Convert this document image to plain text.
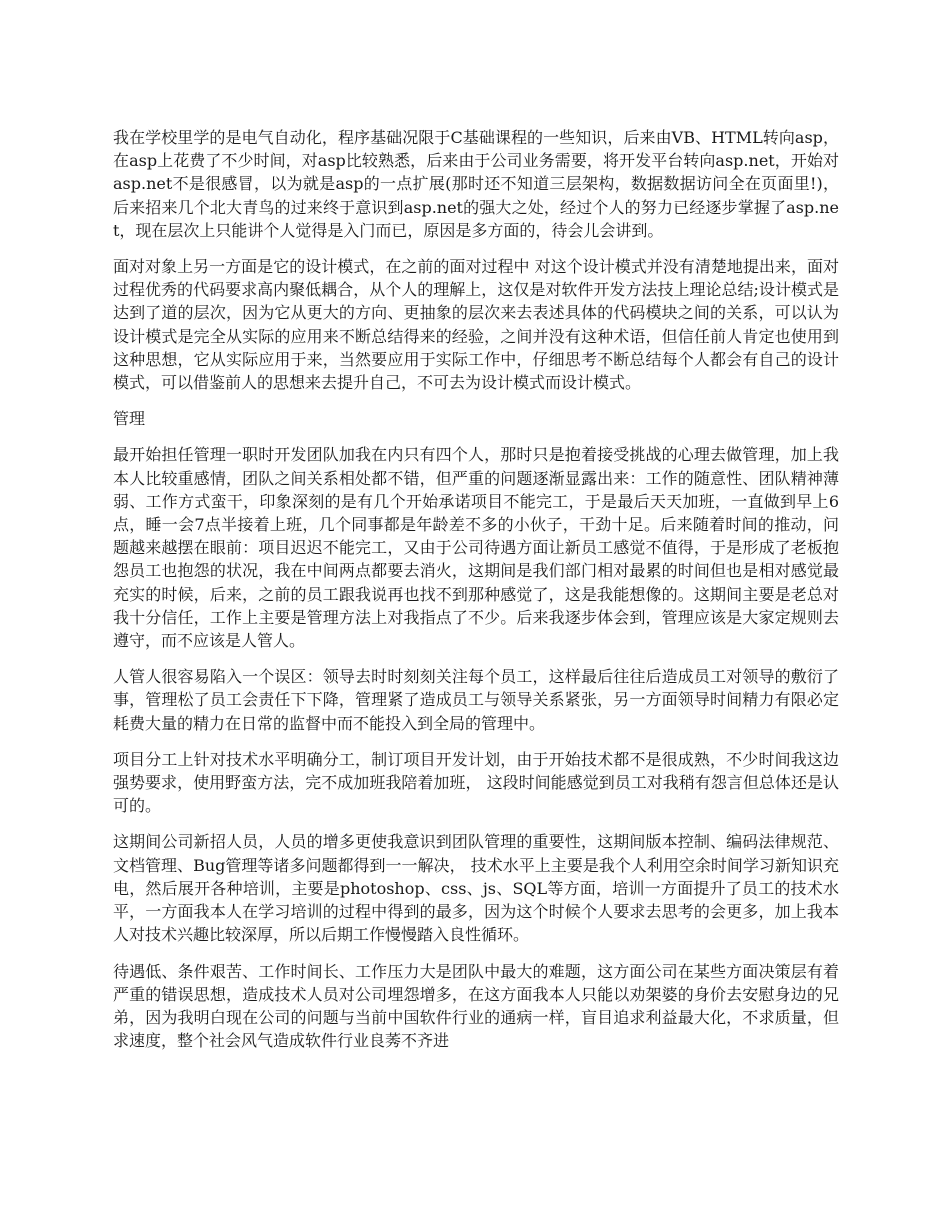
我在学校里学的是电气自动化，程序基础况限于C基础课程的一些知识，后来由VB、HTML转向asp，在asp上花费了不少时间，对asp比较熟悉，后来由于公司业务需要，将开发平台转向asp.net，开始对asp.net不是很感冒，以为就是asp的一点扩展(那时还不知道三层架构，数据数据访问全在页面里!)，后来招来几个北大青鸟的过来终于意识到asp.net的强大之处，经过个人的努力已经逐步掌握了asp.net，现在层次上只能讲个人觉得是入门而已，原因是多方面的，待会儿会讲到。

面对对象上另一方面是它的设计模式，在之前的面对过程中 对这个设计模式并没有清楚地提出来，面对过程优秀的代码要求高内聚低耦合，从个人的理解上，这仅是对软件开发方法技上理论总结;设计模式是达到了道的层次，因为它从更大的方向、更抽象的层次来去表述具体的代码模块之间的关系，可以认为设计模式是完全从实际的应用来不断总结得来的经验，之间并没有这种术语，但信任前人肯定也使用到这种思想，它从实际应用于来，当然要应用于实际工作中，仔细思考不断总结每个人都会有自己的设计模式，可以借鉴前人的思想来去提升自己，不可去为设计模式而设计模式。

管理

最开始担任管理一职时开发团队加我在内只有四个人，那时只是抱着接受挑战的心理去做管理，加上我本人比较重感情，团队之间关系相处都不错，但严重的问题逐渐显露出来：工作的随意性、团队精神薄弱、工作方式蛮干，印象深刻的是有几个开始承诺项目不能完工，于是最后天天加班，一直做到早上6点，睡一会7点半接着上班，几个同事都是年龄差不多的小伙子，干劲十足。后来随着时间的推动，问题越来越摆在眼前：项目迟迟不能完工，又由于公司待遇方面让新员工感觉不值得，于是形成了老板抱怨员工也抱怨的状况，我在中间两点都要去消火，这期间是我们部门相对最累的时间但也是相对感觉最充实的时候，后来，之前的员工跟我说再也找不到那种感觉了，这是我能想像的。这期间主要是老总对我十分信任，工作上主要是管理方法上对我指点了不少。后来我逐步体会到，管理应该是大家定规则去遵守，而不应该是人管人。

人管人很容易陷入一个误区：领导去时时刻刻关注每个员工，这样最后往往后造成员工对领导的敷衍了事，管理松了员工会责任下下降，管理紧了造成员工与领导关系紧张，另一方面领导时间精力有限必定耗费大量的精力在日常的监督中而不能投入到全局的管理中。

项目分工上针对技术水平明确分工，制订项目开发计划，由于开始技术都不是很成熟，不少时间我这边强势要求，使用野蛮方法，完不成加班我陪着加班， 这段时间能感觉到员工对我稍有怨言但总体还是认可的。

这期间公司新招人员，人员的增多更使我意识到团队管理的重要性，这期间版本控制、编码法律规范、文档管理、Bug管理等诸多问题都得到一一解决， 技术水平上主要是我个人利用空余时间学习新知识充电，然后展开各种培训，主要是photoshop、css、js、SQL等方面，培训一方面提升了员工的技术水平，一方面我本人在学习培训的过程中得到的最多，因为这个时候个人要求去思考的会更多，加上我本人对技术兴趣比较深厚，所以后期工作慢慢踏入良性循环。

待遇低、条件艰苦、工作时间长、工作压力大是团队中最大的难题，这方面公司在某些方面决策层有着严重的错误思想，造成技术人员对公司埋怨增多，在这方面我本人只能以劝架婆的身价去安慰身边的兄弟，因为我明白现在公司的问题与当前中国软件行业的通病一样，盲目追求利益最大化，不求质量，但求速度，整个社会风气造成软件行业良莠不齐进
